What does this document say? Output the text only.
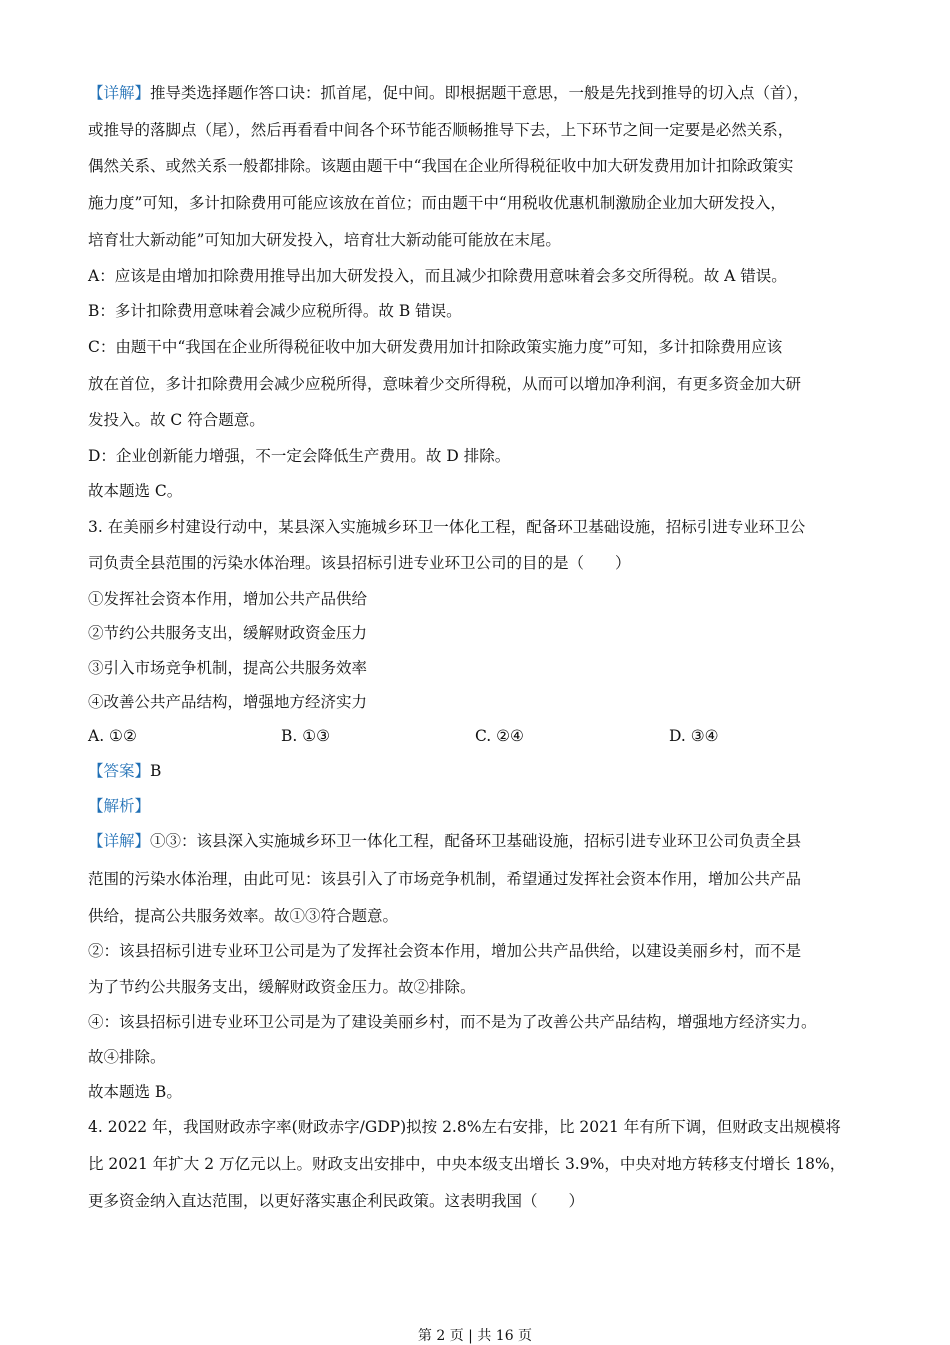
【详解】推导类选择题作答口诀：抓首尾，促中间。即根据题干意思，一般是先找到推导的切入点（首），
或推导的落脚点（尾），然后再看看中间各个环节能否顺畅推导下去，上下环节之间一定要是必然关系，
偶然关系、或然关系一般都排除。该题由题干中“我国在企业所得税征收中加大研发费用加计扣除政策实
施力度”可知，多计扣除费用可能应该放在首位；而由题干中“用税收优惠机制激励企业加大研发投入，
培育壮大新动能”可知加大研发投入，培育壮大新动能可能放在末尾。
A：应该是由增加扣除费用推导出加大研发投入，而且减少扣除费用意味着会多交所得税。故 A 错误。
B：多计扣除费用意味着会减少应税所得。故 B 错误。
C：由题干中“我国在企业所得税征收中加大研发费用加计扣除政策实施力度”可知，多计扣除费用应该
放在首位，多计扣除费用会减少应税所得，意味着少交所得税，从而可以增加净利润，有更多资金加大研
发投入。故 C 符合题意。
D：企业创新能力增强，不一定会降低生产费用。故 D 排除。
故本题选 C。
3. 在美丽乡村建设行动中，某县深入实施城乡环卫一体化工程，配备环卫基础设施，招标引进专业环卫公
司负责全县范围的污染水体治理。该县招标引进专业环卫公司的目的是（　　）
①发挥社会资本作用，增加公共产品供给
②节约公共服务支出，缓解财政资金压力
③引入市场竞争机制，提高公共服务效率
④改善公共产品结构，增强地方经济实力
A. ①②	B. ①③	C. ②④	D. ③④
【答案】B
【解析】
【详解】①③：该县深入实施城乡环卫一体化工程，配备环卫基础设施，招标引进专业环卫公司负责全县
范围的污染水体治理，由此可见：该县引入了市场竞争机制，希望通过发挥社会资本作用，增加公共产品
供给，提高公共服务效率。故①③符合题意。
②：该县招标引进专业环卫公司是为了发挥社会资本作用，增加公共产品供给，以建设美丽乡村，而不是
为了节约公共服务支出，缓解财政资金压力。故②排除。
④：该县招标引进专业环卫公司是为了建设美丽乡村，而不是为了改善公共产品结构，增强地方经济实力。
故④排除。
故本题选 B。
4. 2022 年，我国财政赤字率(财政赤字/GDP)拟按 2.8%左右安排，比 2021 年有所下调，但财政支出规模将
比 2021 年扩大 2 万亿元以上。财政支出安排中，中央本级支出增长 3.9%，中央对地方转移支付增长 18%，
更多资金纳入直达范围，以更好落实惠企利民政策。这表明我国（　　）
第 2 页 | 共 16 页
